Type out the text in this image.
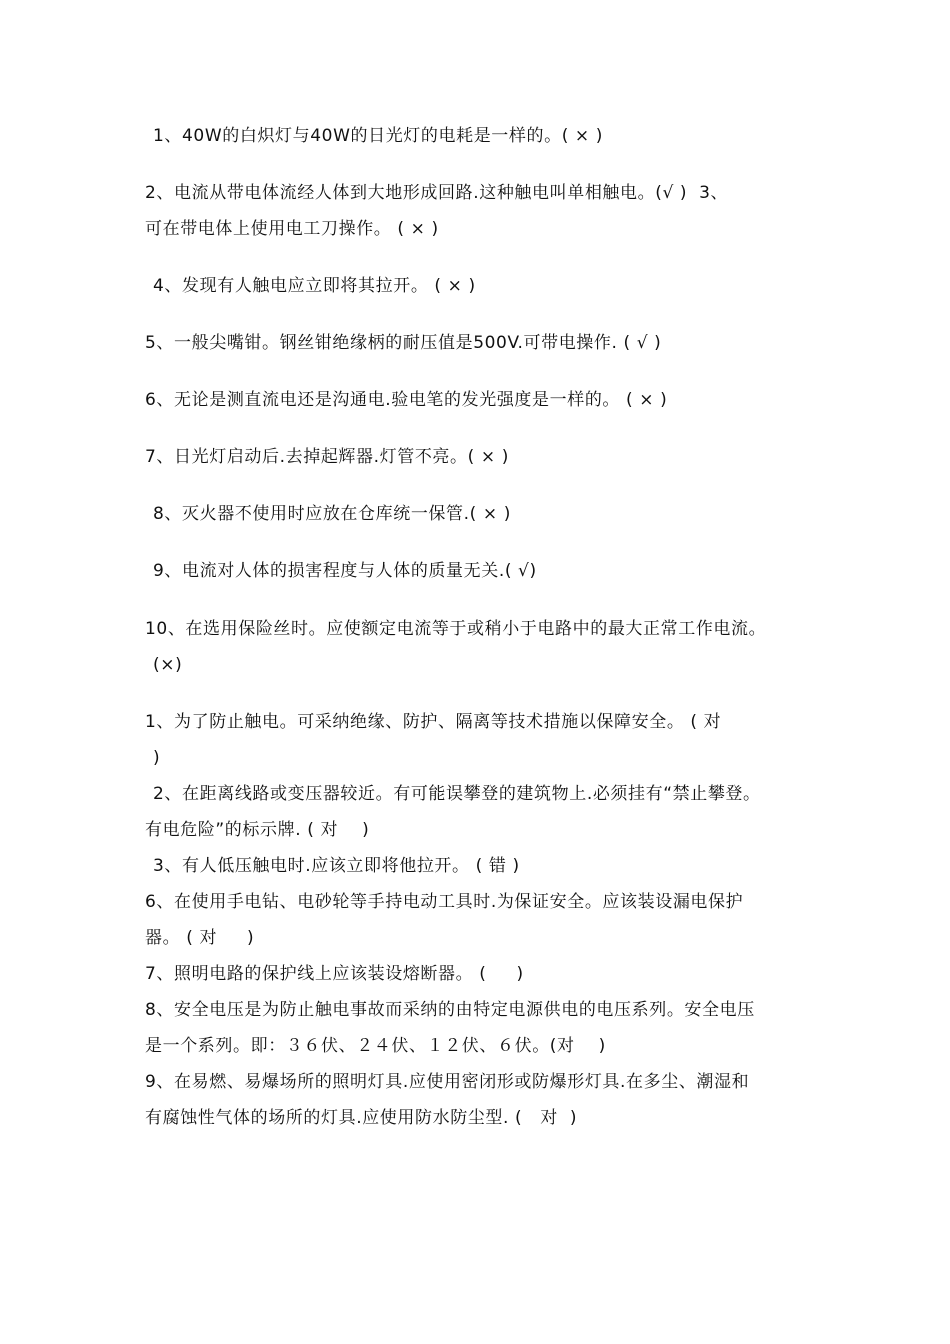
1、40W的白炽灯与40W的日光灯的电耗是一样的。( × )
2、电流从带电体流经人体到大地形成回路.这种触电叫单相触电。(√ )  3、
可在带电体上使用电工刀操作。 ( × )
4、发现有人触电应立即将其拉开。 ( × )
5、一般尖嘴钳。钢丝钳绝缘柄的耐压值是500V.可带电操作. ( √ )
6、无论是测直流电还是沟通电.验电笔的发光强度是一样的。 ( × )
7、日光灯启动后.去掉起辉器.灯管不亮。( × )
8、灭火器不使用时应放在仓库统一保管.( × )
9、电流对人体的损害程度与人体的质量无关.( √)
10、在选用保险丝时。应使额定电流等于或稍小于电路中的最大正常工作电流。
(×)
1、为了防止触电。可采纳绝缘、防护、隔离等技术措施以保障安全。 ( 对
)
2、在距离线路或变压器较近。有可能误攀登的建筑物上.必须挂有“禁止攀登。
有电危险”的标示牌. ( 对    )
3、有人低压触电时.应该立即将他拉开。 ( 错 )
6、在使用手电钻、电砂轮等手持电动工具时.为保证安全。应该装设漏电保护
器。 ( 对     )
7、照明电路的保护线上应该装设熔断器。 (     )
8、安全电压是为防止触电事故而采纳的由特定电源供电的电压系列。安全电压
是一个系列。即：３６伏、２４伏、１２伏、６伏。(对    )
9、在易燃、易爆场所的照明灯具.应使用密闭形或防爆形灯具.在多尘、潮湿和
有腐蚀性气体的场所的灯具.应使用防水防尘型. (   对  )
